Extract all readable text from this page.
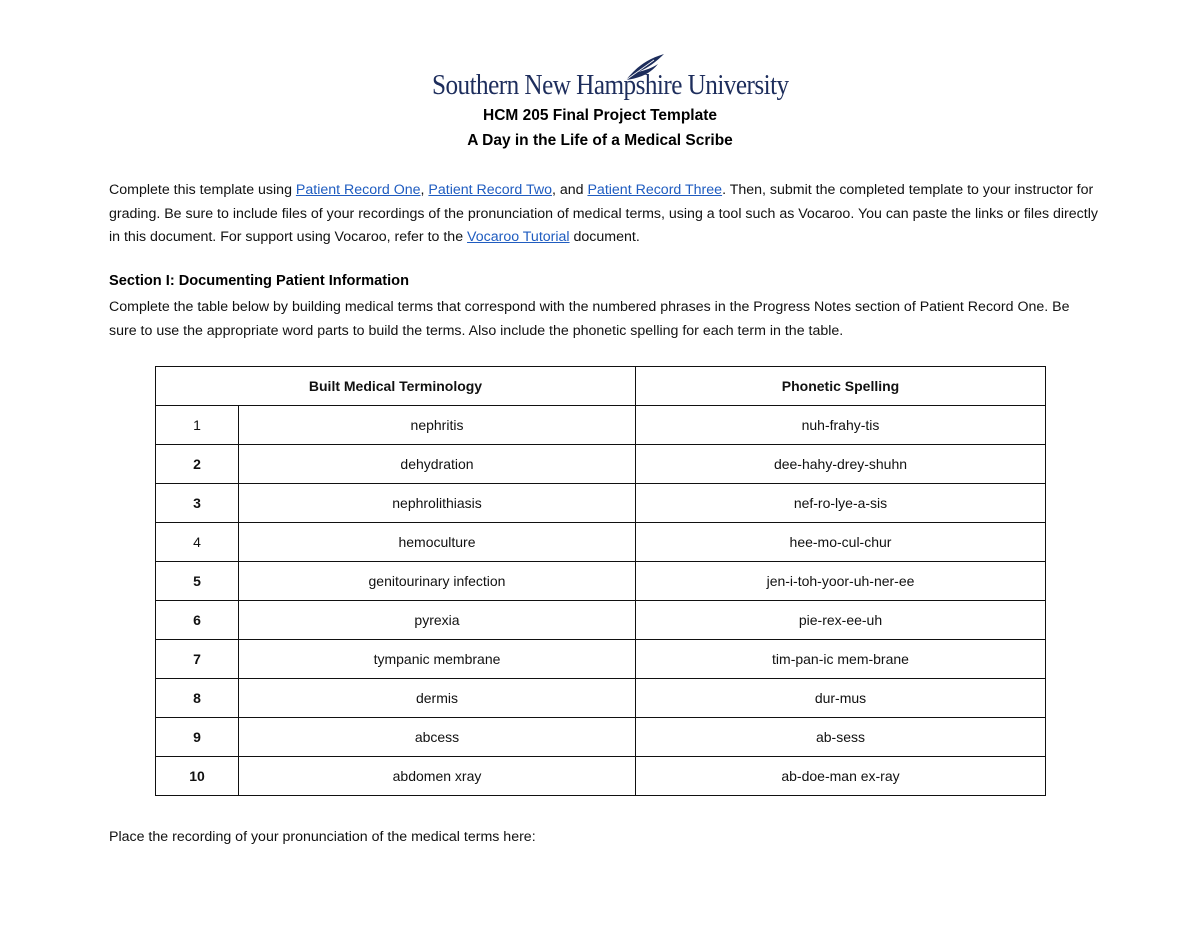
Southern New Hampshire University
HCM 205 Final Project Template
A Day in the Life of a Medical Scribe
Complete this template using Patient Record One, Patient Record Two, and Patient Record Three. Then, submit the completed template to your instructor for grading. Be sure to include files of your recordings of the pronunciation of medical terms, using a tool such as Vocaroo. You can paste the links or files directly in this document. For support using Vocaroo, refer to the Vocaroo Tutorial document.
Section I: Documenting Patient Information
Complete the table below by building medical terms that correspond with the numbered phrases in the Progress Notes section of Patient Record One. Be sure to use the appropriate word parts to build the terms. Also include the phonetic spelling for each term in the table.
Built Medical Terminology		Phonetic Spelling
1	nephritis	nuh-frahy-tis
2	dehydration	dee-hahy-drey-shuhn
3	nephrolithiasis	nef-ro-lye-a-sis
4	hemoculture	hee-mo-cul-chur
5	genitourinary infection	jen-i-toh-yoor-uh-ner-ee
6	pyrexia	pie-rex-ee-uh
7	tympanic membrane	tim-pan-ic mem-brane
8	dermis	dur-mus
9	abcess	ab-sess
10	abdomen xray	ab-doe-man ex-ray
Place the recording of your pronunciation of the medical terms here:
